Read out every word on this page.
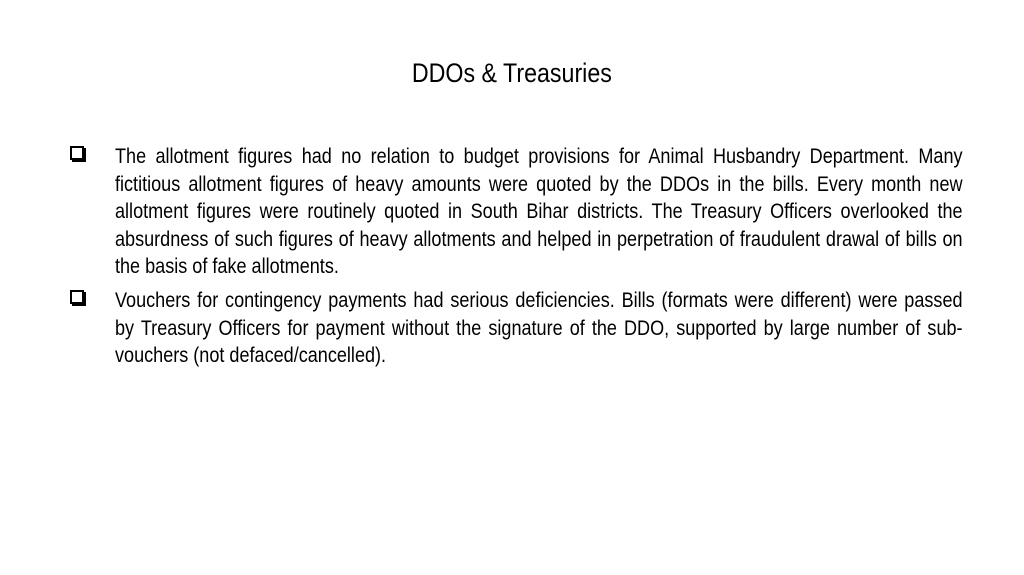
DDOs & Treasuries
The allotment figures had no relation to budget provisions for Animal Husbandry Department. Many fictitious allotment figures of heavy amounts were quoted by the DDOs in the bills. Every month new allotment figures were routinely quoted in South Bihar districts. The Treasury Officers overlooked the absurdness of such figures of heavy allotments and helped in perpetration of fraudulent drawal of bills on the basis of fake allotments.
Vouchers for contingency payments had serious deficiencies. Bills (formats were different) were passed by Treasury Officers for payment without the signature of the DDO, supported by large number of sub-vouchers (not defaced/cancelled).
